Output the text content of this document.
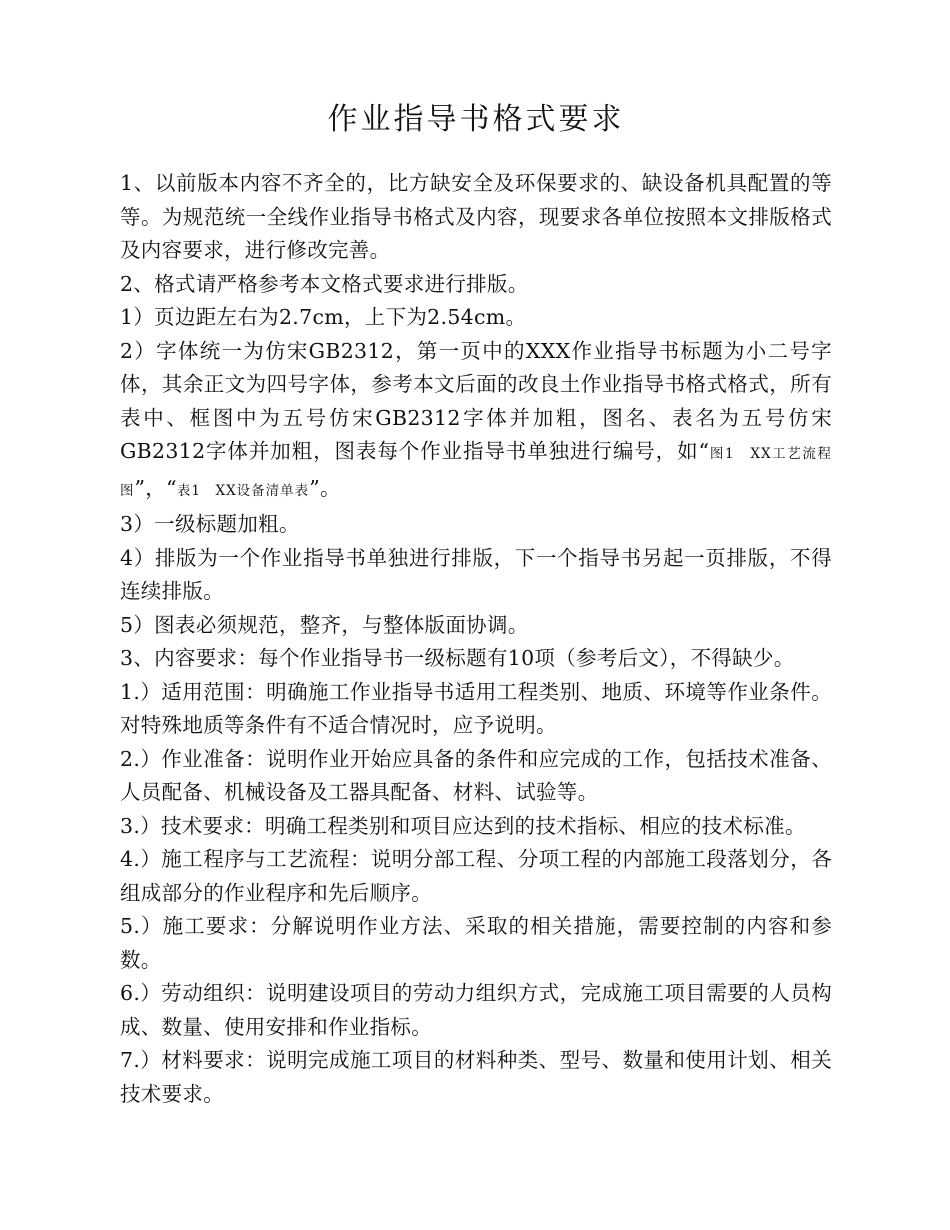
作业指导书格式要求

1、以前版本内容不齐全的，比方缺安全及环保要求的、缺设备机具配置的等等。为规范统一全线作业指导书格式及内容，现要求各单位按照本文排版格式及内容要求，进行修改完善。

2、格式请严格参考本文格式要求进行排版。

1）页边距左右为2.7cm，上下为2.54cm。

2）字体统一为仿宋GB2312，第一页中的XXX作业指导书标题为小二号字体，其余正文为四号字体，参考本文后面的改良土作业指导书格式格式，所有表中、框图中为五号仿宋GB2312字体并加粗，图名、表名为五号仿宋GB2312字体并加粗，图表每个作业指导书单独进行编号，如“图1　XX工艺流程图”，“表1　XX设备清单表”。

3）一级标题加粗。

4）排版为一个作业指导书单独进行排版，下一个指导书另起一页排版，不得连续排版。

5）图表必须规范，整齐，与整体版面协调。

3、内容要求：每个作业指导书一级标题有10项（参考后文），不得缺少。

1.）适用范围：明确施工作业指导书适用工程类别、地质、环境等作业条件。对特殊地质等条件有不适合情况时，应予说明。

2.）作业准备：说明作业开始应具备的条件和应完成的工作，包括技术准备、人员配备、机械设备及工器具配备、材料、试验等。

3.）技术要求：明确工程类别和项目应达到的技术指标、相应的技术标准。

4.）施工程序与工艺流程：说明分部工程、分项工程的内部施工段落划分，各组成部分的作业程序和先后顺序。

5.）施工要求：分解说明作业方法、采取的相关措施，需要控制的内容和参数。

6.）劳动组织：说明建设项目的劳动力组织方式，完成施工项目需要的人员构成、数量、使用安排和作业指标。

7.）材料要求：说明完成施工项目的材料种类、型号、数量和使用计划、相关技术要求。
